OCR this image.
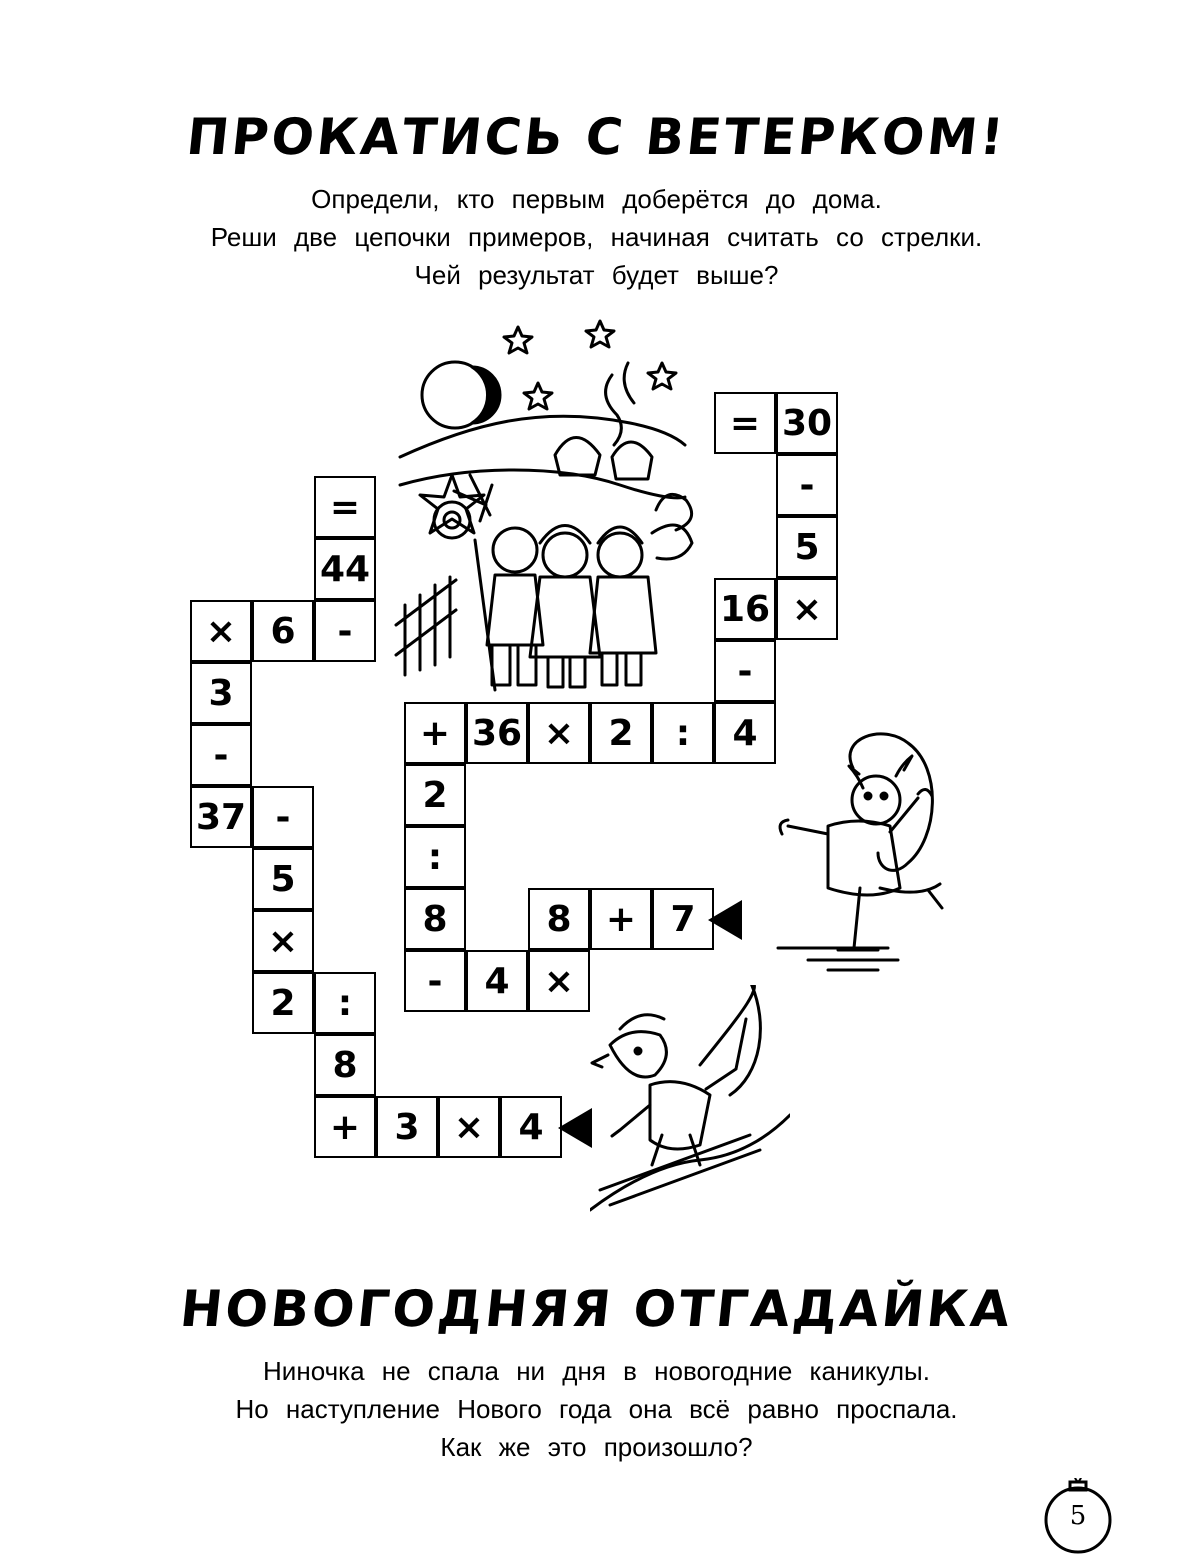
ПРОКАТИСЬ С ВЕТЕРКОМ!
Определи, кто первым доберётся до дома.
Реши две цепочки примеров, начиная считать со стрелки.
Чей результат будет выше?
4
×
3
+
8
:
2
×
5
-
37
-
3
× 6	-
44
=
7
+
8
×
4
-
8
:
2
+ 36 × 2	:	4
-
16 ×
5
-
30
=
НОВОГОДНЯЯ ОТГАДАЙКА
Ниночка не спала ни дня в новогодние каникулы.
Но наступление Нового года она всё равно проспала.
Как же это произошло?
5
